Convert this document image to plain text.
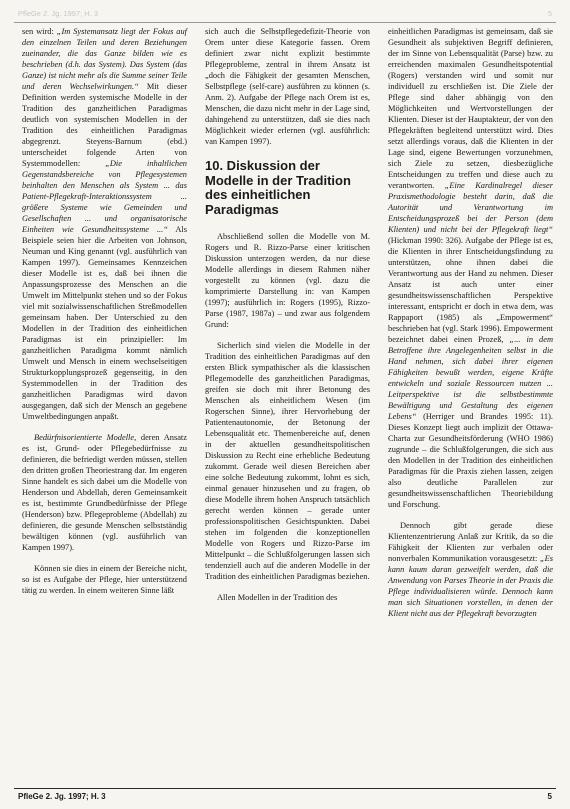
PfleGe 2. Jg. 1997; H. 3	5

sen wird: „Im Systemansatz liegt der Fokus auf den einzelnen Teilen und deren Beziehungen zueinander, die das Ganze bilden wie es beschrieben (d.h. das System). Das System (das Ganze) ist nicht mehr als die Summe seiner Teile und deren Wechselwirkungen.“ Mit dieser Definition werden systemische Modelle in der Tradition des ganzheitlichen Paradigmas deutlich von systemischen Modellen in der Tradition des einheitlichen Paradigmas abgegrenzt. Steyens-Barnum (ebd.) unterscheidet folgende Arten von Systemmodellen: „Die inhaltlichen Gegenstandsbereiche von Pflegesystemen beinhalten den Menschen als System ... das Patient-Pflegekraft-Interaktionssystem ... größere Systeme wie Gemeinden und Gesellschaften ... und organisatorische Einheiten wie Gesundheitssysteme ...“ Als Beispiele seien hier die Arbeiten von Johnson, Neuman und King genannt (vgl. ausführlich van Kampen 1997). Gemeinsames Kennzeichen dieser Modelle ist es, daß bei ihnen die Anpassungsprozesse des Menschen an die Umwelt im Mittelpunkt stehen und so der Fokus viel mit sozialwissenschaftlichen Streßmodellen gemeinsam haben. Der Unterschied zu den Modellen in der Tradition des einheitlichen Paradigmas ist ein prinzipieller: Im ganzheitlichen Paradigma kommt nämlich Umwelt und Mensch in einem wechselseitigen Strukturkopplungsprozeß gegenseitig, in den Systemmodellen in der Tradition des ganzheitlichen Paradigmas wird davon ausgegangen, daß sich der Mensch an gegebene Umweltbedingungen anpaßt.

Bedürfnisorientierte Modelle, deren Ansatz es ist, Grund- oder Pflegebedürfnisse zu definieren, die befriedigt werden müssen, stellen den dritten großen Theoriestrang dar. Im engeren Sinne handelt es sich dabei um die Modelle von Henderson und Abdellah, deren Gemeinsamkeit es ist, bestimmte Grundbedürfnisse der Pflege (Henderson) bzw. Pflegeprobleme (Abdellah) zu definieren, die gesunde Menschen selbstständig bewältigen können (vgl. ausführlich van Kampen 1997).

Können sie dies in einem der Bereiche nicht, so ist es Aufgabe der Pflege, hier unterstützend tätig zu werden. In einem weiteren Sinne läßt

sich auch die Selbstpflegedefizit-Theorie von Orem unter diese Kategorie fassen. Orem definiert zwar nicht explizit bestimmte Pflegeprobleme, zentral in ihrem Ansatz ist „doch die Fähigkeit der gesamten Menschen, Selbstpflege (self-care) ausführen zu können (s. Anm. 2). Aufgabe der Pflege nach Orem ist es, Menschen, die dazu nicht mehr in der Lage sind, dahingehend zu unterstützen, daß sie dies nach Möglichkeit wieder erlernen (vgl. ausführlich: van Kampen 1997).

10. Diskussion der Modelle in der Tradition des einheitlichen Paradigmas

Abschließend sollen die Modelle von M. Rogers und R. Rizzo-Parse einer kritischen Diskussion unterzogen werden, da nur diese Modelle allerdings in diesem Rahmen näher vorgestellt zu können (vgl. dazu die komprimierte Darstellung in: van Kampen (1997); ausführlich in: Rogers (1995), Rizzo-Parse (1987, 1987a) – und zwar aus folgendem Grund:

Sicherlich sind vielen die Modelle in der Tradition des einheitlichen Paradigmas auf den ersten Blick sympathischer als die klassischen Pflegemodelle des ganzheitlichen Paradigmas, greifen sie doch mit ihrer Betonung des Menschen als einheitlichem Wesen (im Rogerschen Sinne), ihrer Hervorhebung der Patientenautonomie, der Betonung der Lebensqualität etc. Themenbereiche auf, denen in der aktuellen gesundheitspolitischen Diskussion zu Recht eine erhebliche Bedeutung zukommt. Gerade weil diesen Bereichen aber eine solche Bedeutung zukommt, lohnt es sich, einmal genauer hinzusehen und zu fragen, ob diese Modelle ihrem hohen Anspruch tatsächlich gerecht werden können – gerade unter professionspolitischen Gesichtspunkten. Dabei stehen im folgenden die konzeptionellen Modelle von Rogers und Rizzo-Parse im Mittelpunkt – die Schlußfolgerungen lassen sich tendenziell auch auf die anderen Modelle in der Tradition des einheitlichen Paradigmas beziehen.

Allen Modellen in der Tradition des

einheitlichen Paradigmas ist gemeinsam, daß sie Gesundheit als subjektiven Begriff definieren, der im Sinne von Lebensqualität (Parse) bzw. zu erreichenden maximalen Gesundheitspotential (Rogers) verstanden wird und somit nur individuell zu erschließen ist. Die Ziele der Pflege sind daher abhängig von den Möglichkeiten und Wertvorstellungen der Klienten. Dieser ist der Hauptakteur, der von den Pflegekräften begleitend unterstützt wird. Dies setzt allerdings voraus, daß die Klienten in der Lage sind, eigene Bewertungen vorzunehmen, sich Ziele zu setzen, diesbezügliche Entscheidungen zu treffen und diese auch zu verantworten. „Eine Kardinalregel dieser Praxismethodologie besteht darin, daß die Autorität und Verantwortung im Entscheidungsprozeß bei der Person (dem Klienten) und nicht bei der Pflegekraft liegt“ (Hickman 1990: 326). Aufgabe der Pflege ist es, die Klienten in ihrer Entscheidungsfindung zu unterstützen, ohne ihnen dabei die Verantwortung aus der Hand zu nehmen. Dieser Ansatz ist auch unter einer gesundheitswissenschaftlichen Perspektive interessant, entspricht er doch in etwa dem, was Rappaport (1985) als „Empowerment“ beschrieben hat (vgl. Stark 1996). Empowerment bezeichnet dabei einen Prozeß, „... in dem Betroffene ihre Angelegenheiten selbst in die Hand nehmen, sich dabei ihrer eigenen Fähigkeiten bewußt werden, eigene Kräfte entwickeln und soziale Ressourcen nutzen ... Leitperspektive ist die selbstbestimmte Bewältigung und Gestaltung des eigenen Lebens“ (Herriger und Brandes 1995: 11). Dieses Konzept liegt auch implizit der Ottawa-Charta zur Gesundheitsförderung (WHO 1986) zugrunde – die Schlußfolgerungen, die sich aus den Modellen in der Tradition des einheitlichen Paradigmas für die Praxis ziehen lassen, zeigen also deutliche Parallelen zur gesundheitswissenschaftlichen Theoriebildung und Forschung.

Dennoch gibt gerade diese Klientenzentrierung Anlaß zur Kritik, da so die Fähigkeit der Klienten zur verbalen oder nonverbalen Kommunikation vorausgesetzt: „Es kann kaum daran gezweifelt werden, daß die Anwendung von Parses Theorie in der Praxis die Pflege individualisieren würde. Dennoch kann man sich Situationen vorstellen, in denen der Klient nicht aus der Pflegekraft bevorzugten

PfleGe 2. Jg. 1997; H. 3	5
